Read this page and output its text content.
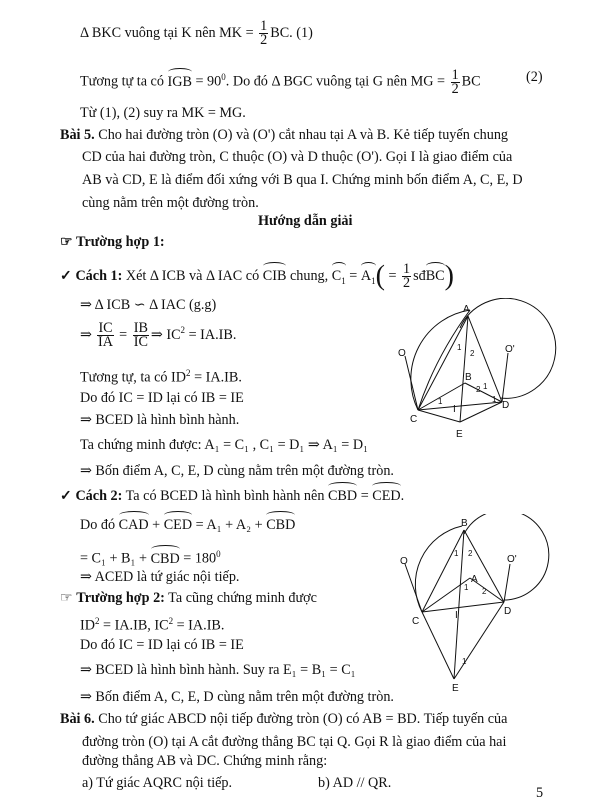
Δ BKC vuông tại K nên MK = $\frac{1}{2}$ BC. (1)
Tương tự ta có IGB = $90^0$. Do đó Δ BGC vuông tại G nên MG = $\frac{1}{2}$ BC	(2)
Từ (1), (2) suy ra MK = MG.
Bài 5. Cho hai đường tròn (O) và (O') cắt nhau tại A và B. Kẻ tiếp tuyến chung
CD của hai đường tròn, C thuộc (O) và D thuộc (O'). Gọi I là giao điểm của
AB và CD, E là điểm đối xứng với B qua I. Chứng minh bốn điểm A, C, E, D
cùng nằm trên một đường tròn.
Hướng dẫn giải
☞ Trường hợp 1:
✓ Cách 1: Xét Δ ICB và Δ IAC có CIB chung, $C_1 = A_1( = \frac{1}{2}$ sđBC)
⇒ Δ ICB ∽ Δ IAC (g.g)
⇒ $\frac{IC}{IA} = \frac{IB}{IC}$ ⇒ $IC^2 = IA.IB$.
Tương tự, ta có $ID^2 = IA.IB$.
Do đó IC = ID lại có IB = IE
⇒ BCED là hình bình hành.
Ta chứng minh được: A₁ = C₁ , C₁ = D₁ ⇒ A₁ = D₁
⇒ Bốn điểm A, C, E, D cùng nằm trên một đường tròn.
✓ Cách 2: Ta có BCED là hình bình hành nên CBD = CED.
Do đó CAD + CED = A₁ + A₂ + CBD
= C₁ + B₁ + CBD = $180^0$
⇒ ACED là tứ giác nội tiếp.
☞ Trường hợp 2: Ta cũng chứng minh được
$ID^2 = IA.IB$, $IC^2 = IA.IB$.
Do đó IC = ID lại có IB = IE
⇒ BCED là hình bình hành. Suy ra E₁ = B₁ = C₁
⇒ Bốn điểm A, C, E, D cùng nằm trên một đường tròn.
Bài 6. Cho tứ giác ABCD nội tiếp đường tròn (O) có AB = BD. Tiếp tuyến của
đường tròn (O) tại A cắt đường thẳng BC tại Q. Gọi R là giao điểm của hai
đường thẳng AB và DC. Chứng minh rằng:
a) Tứ giác AQRC nội tiếp.	b) AD // QR.
5
O	O'
A
B
C
D
I
E
1
2
2
1	1
1
O	O'
B
A
C
D
I
E
1 2
1 2
1
